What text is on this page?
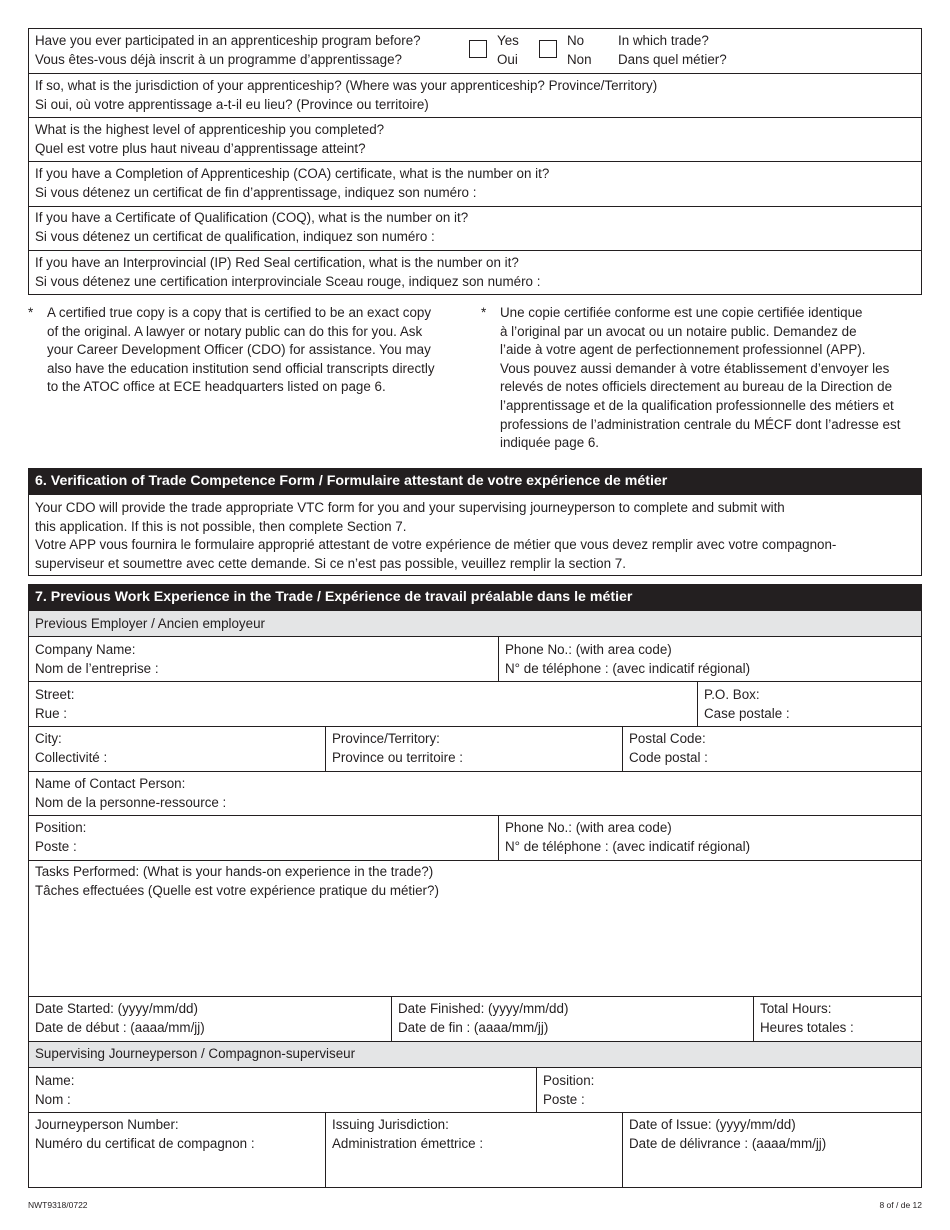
Have you ever participated in an apprenticeship program before?
Vous êtes-vous déjà inscrit à un programme d’apprentissage?
Yes
Oui
No
Non
In which trade?
Dans quel métier?
If so, what is the jurisdiction of your apprenticeship? (Where was your apprenticeship? Province/Territory)
Si oui, où votre apprentissage a-t-il eu lieu? (Province ou territoire)
What is the highest level of apprenticeship you completed?
Quel est votre plus haut niveau d’apprentissage atteint?
If you have a Completion of Apprenticeship (COA) certificate, what is the number on it?
Si vous détenez un certificat de fin d’apprentissage, indiquez son numéro :
If you have a Certificate of Qualification (COQ), what is the number on it?
Si vous détenez un certificat de qualification, indiquez son numéro :
If you have an Interprovincial (IP) Red Seal certification, what is the number on it?
Si vous détenez une certification interprovinciale Sceau rouge, indiquez son numéro :
* A certified true copy is a copy that is certified to be an exact copy
of the original. A lawyer or notary public can do this for you. Ask
your Career Development Officer (CDO) for assistance. You may
also have the education institution send official transcripts directly
to the ATOC office at ECE headquarters listed on page 6.
* Une copie certifiée conforme est une copie certifiée identique
à l’original par un avocat ou un notaire public. Demandez de
l’aide à votre agent de perfectionnement professionnel (APP).
Vous pouvez aussi demander à votre établissement d’envoyer les
relevés de notes officiels directement au bureau de la Direction de
l’apprentissage et de la qualification professionnelle des métiers et
professions de l’administration centrale du MÉCF dont l’adresse est
indiquée page 6.
6. Verification of Trade Competence Form / Formulaire attestant de votre expérience de métier
Your CDO will provide the trade appropriate VTC form for you and your supervising journeyperson to complete and submit with
this application. If this is not possible, then complete Section 7.
Votre APP vous fournira le formulaire approprié attestant de votre expérience de métier que vous devez remplir avec votre compagnon-
superviseur et soumettre avec cette demande. Si ce n’est pas possible, veuillez remplir la section 7.
7. Previous Work Experience in the Trade / Expérience de travail préalable dans le métier
Previous Employer / Ancien employeur
Company Name:
Nom de l’entreprise :
Phone No.: (with area code)
N° de téléphone : (avec indicatif régional)
Street:
Rue :
P.O. Box:
Case postale :
City:
Collectivité :
Province/Territory:
Province ou territoire :
Postal Code:
Code postal :
Name of Contact Person:
Nom de la personne-ressource :
Position:
Poste :
Phone No.: (with area code)
N° de téléphone : (avec indicatif régional)
Tasks Performed: (What is your hands-on experience in the trade?)
Tâches effectuées (Quelle est votre expérience pratique du métier?)
Date Started: (yyyy/mm/dd)
Date de début : (aaaa/mm/jj)
Date Finished: (yyyy/mm/dd)
Date de fin : (aaaa/mm/jj)
Total Hours:
Heures totales :
Supervising Journeyperson / Compagnon-superviseur
Name:
Nom :
Position:
Poste :
Journeyperson Number:
Numéro du certificat de compagnon :
Issuing Jurisdiction:
Administration émettrice :
Date of Issue: (yyyy/mm/dd)
Date de délivrance : (aaaa/mm/jj)
NWT9318/0722	8 of / de 12
